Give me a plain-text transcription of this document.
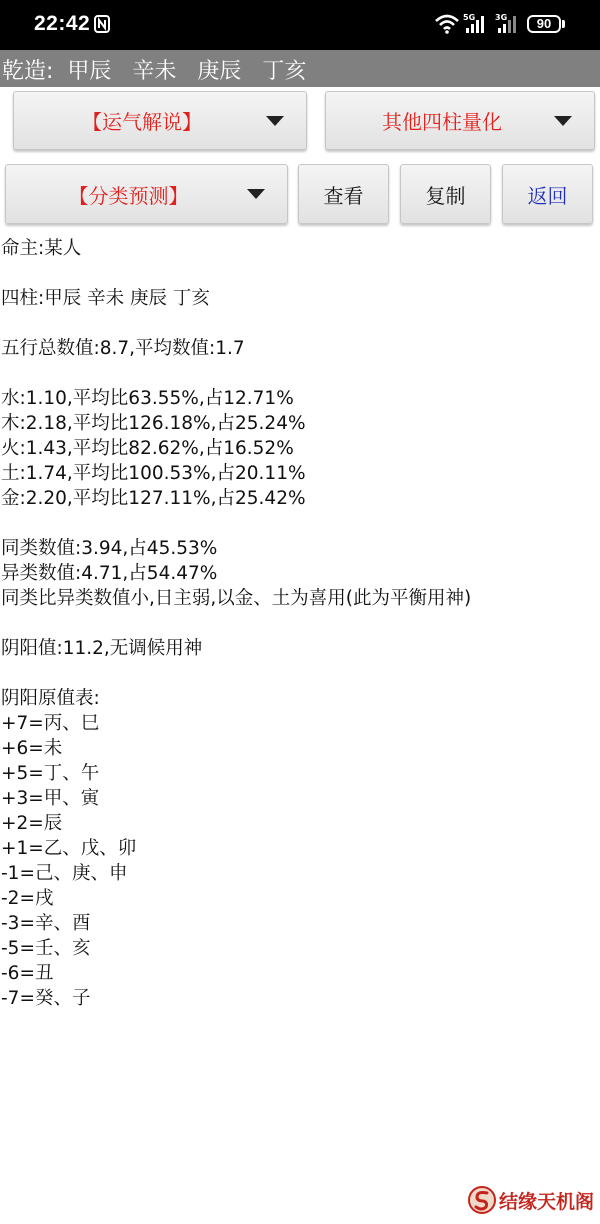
22:42	5G 3G	90
乾造:  甲辰   辛未   庚辰   丁亥
【运气解说】	其他四柱量化
【分类预测】	查看	复制	返回
命主:某人
四柱:甲辰 辛未 庚辰 丁亥
五行总数值:8.7,平均数值:1.7
水:1.10,平均比63.55%,占12.71%
木:2.18,平均比126.18%,占25.24%
火:1.43,平均比82.62%,占16.52%
土:1.74,平均比100.53%,占20.11%
金:2.20,平均比127.11%,占25.42%
同类数值:3.94,占45.53%
异类数值:4.71,占54.47%
同类比异类数值小,日主弱,以金、土为喜用(此为平衡用神)
阴阳值:11.2,无调候用神
阴阳原值表:
+7=丙、巳
+6=未
+5=丁、午
+3=甲、寅
+2=辰
+1=乙、戊、卯
-1=己、庚、申
-2=戌
-3=辛、酉
-5=壬、亥
-6=丑
-7=癸、子
结缘天机阁
